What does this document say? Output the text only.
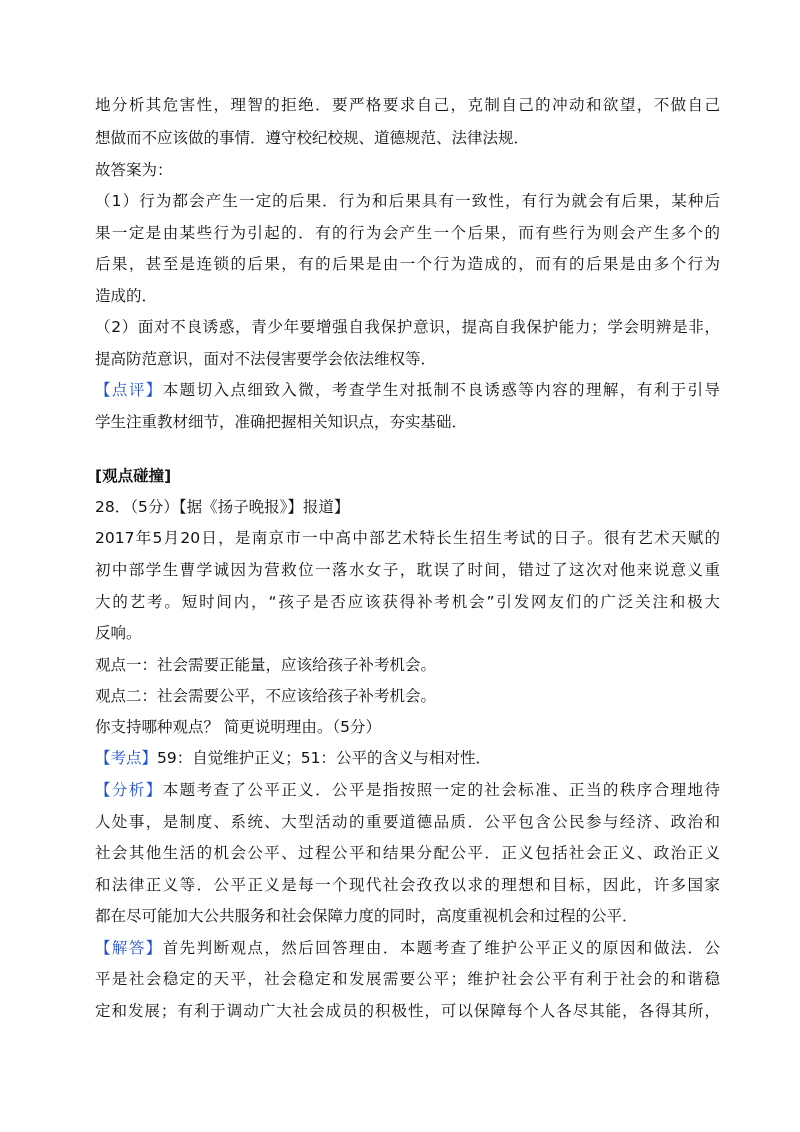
地分析其危害性，理智的拒绝．要严格要求自己，克制自己的冲动和欲望，不做自己
想做而不应该做的事情．遵守校纪校规、道德规范、法律法规．
故答案为：
（1）行为都会产生一定的后果．行为和后果具有一致性，有行为就会有后果，某种后
果一定是由某些行为引起的．有的行为会产生一个后果，而有些行为则会产生多个的
后果，甚至是连锁的后果，有的后果是由一个行为造成的，而有的后果是由多个行为
造成的．
（2）面对不良诱惑，青少年要增强自我保护意识，提高自我保护能力；学会明辨是非，
提高防范意识，面对不法侵害要学会依法维权等．
【点评】本题切入点细致入微，考查学生对抵制不良诱惑等内容的理解，有利于引导
学生注重教材细节，准确把握相关知识点，夯实基础．
[观点碰撞]
28．（5分）【据《扬子晚报》】报道】
2017年5月20日，是南京市一中高中部艺术特长生招生考试的日子。很有艺术天赋的
初中部学生曹学诚因为营救位一落水女子，耽误了时间，错过了这次对他来说意义重
大的艺考。短时间内，“孩子是否应该获得补考机会”引发网友们的广泛关注和极大
反响。
观点一：社会需要正能量，应该给孩子补考机会。
观点二：社会需要公平，不应该给孩子补考机会。
你支持哪种观点？ 简更说明理由。（5分）
【考点】59：自觉维护正义；51：公平的含义与相对性．
【分析】本题考查了公平正义．公平是指按照一定的社会标准、正当的秩序合理地待
人处事，是制度、系统、大型活动的重要道德品质．公平包含公民参与经济、政治和
社会其他生活的机会公平、过程公平和结果分配公平．正义包括社会正义、政治正义
和法律正义等．公平正义是每一个现代社会孜孜以求的理想和目标，因此，许多国家
都在尽可能加大公共服务和社会保障力度的同时，高度重视机会和过程的公平．
【解答】首先判断观点，然后回答理由．本题考查了维护公平正义的原因和做法．公
平是社会稳定的天平，社会稳定和发展需要公平；维护社会公平有利于社会的和谐稳
定和发展；有利于调动广大社会成员的积极性，可以保障每个人各尽其能，各得其所，
